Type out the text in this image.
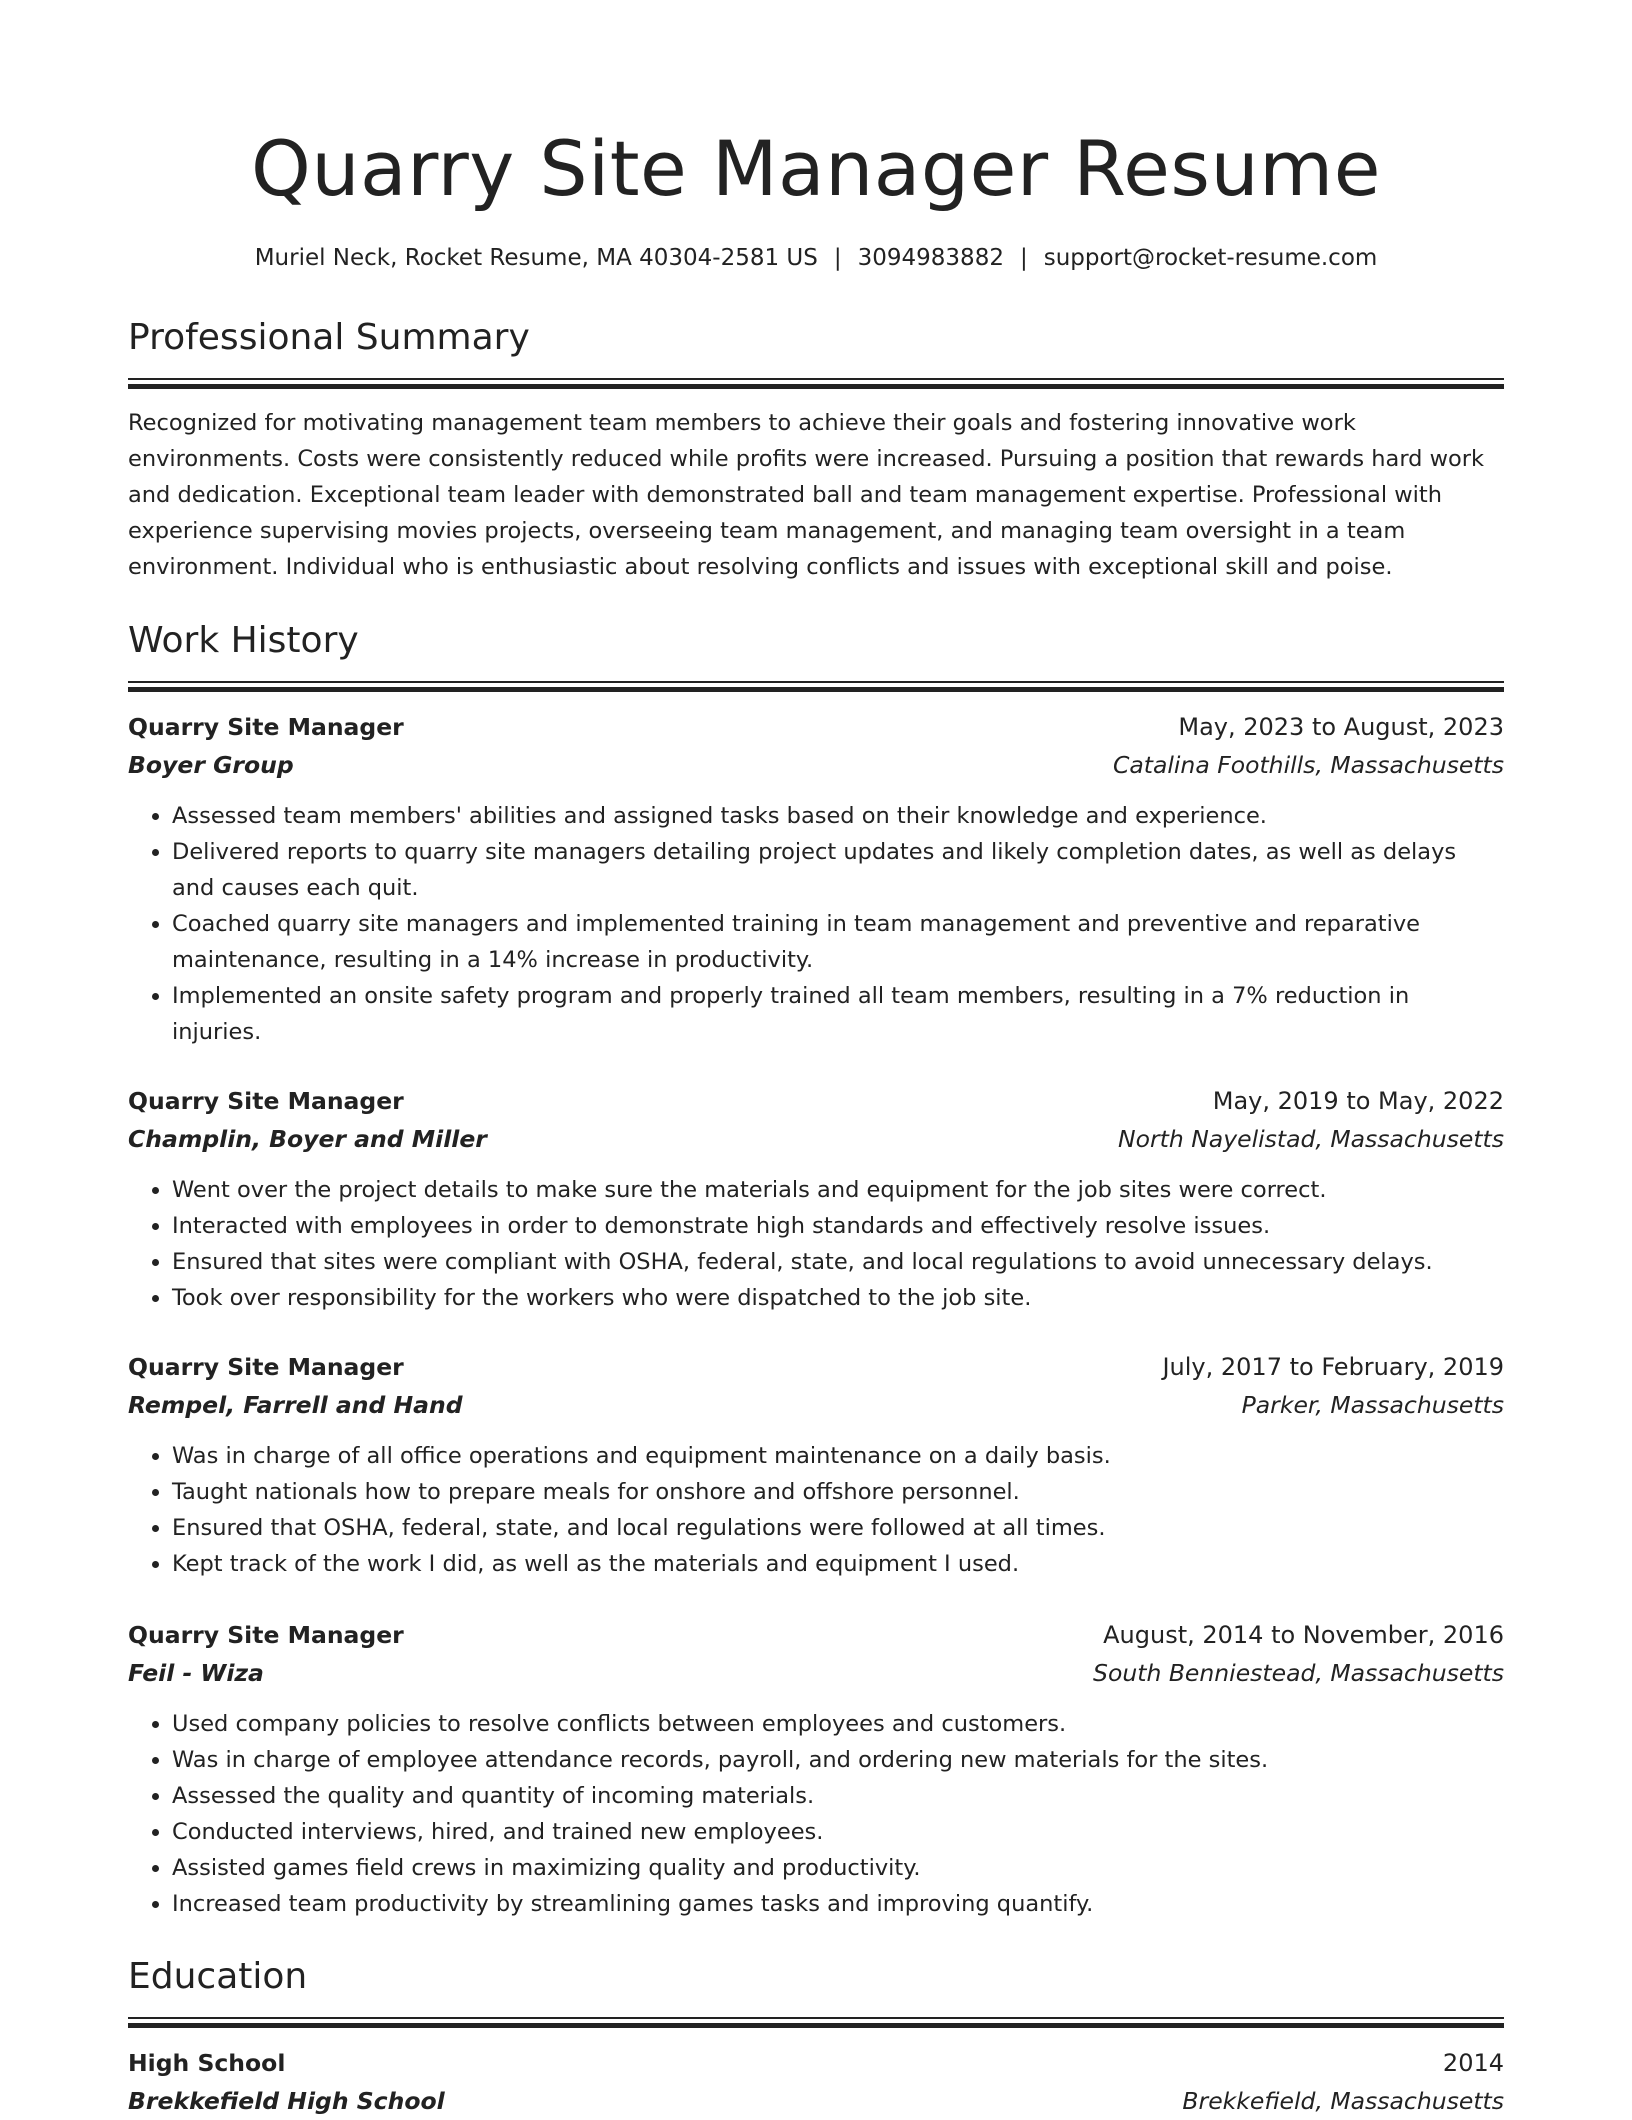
Quarry Site Manager Resume
Muriel Neck, Rocket Resume, MA 40304-2581 US | 3094983882 | support@rocket-resume.com
Professional Summary

Recognized for motivating management team members to achieve their goals and fostering innovative work environments. Costs were consistently reduced while profits were increased. Pursuing a position that rewards hard work and dedication. Exceptional team leader with demonstrated ball and team management expertise. Professional with experience supervising movies projects, overseeing team management, and managing team oversight in a team environment. Individual who is enthusiastic about resolving conflicts and issues with exceptional skill and poise.

Work History
Quarry Site Manager	May, 2023 to August, 2023
Boyer Group	Catalina Foothills, Massachusetts
• Assessed team members' abilities and assigned tasks based on their knowledge and experience.
• Delivered reports to quarry site managers detailing project updates and likely completion dates, as well as delays and causes each quit.
• Coached quarry site managers and implemented training in team management and preventive and reparative maintenance, resulting in a 14% increase in productivity.
• Implemented an onsite safety program and properly trained all team members, resulting in a 7% reduction in injuries.
Quarry Site Manager	May, 2019 to May, 2022
Champlin, Boyer and Miller	North Nayelistad, Massachusetts
• Went over the project details to make sure the materials and equipment for the job sites were correct.
• Interacted with employees in order to demonstrate high standards and effectively resolve issues.
• Ensured that sites were compliant with OSHA, federal, state, and local regulations to avoid unnecessary delays.
• Took over responsibility for the workers who were dispatched to the job site.
Quarry Site Manager	July, 2017 to February, 2019
Rempel, Farrell and Hand	Parker, Massachusetts
• Was in charge of all office operations and equipment maintenance on a daily basis.
• Taught nationals how to prepare meals for onshore and offshore personnel.
• Ensured that OSHA, federal, state, and local regulations were followed at all times.
• Kept track of the work I did, as well as the materials and equipment I used.
Quarry Site Manager	August, 2014 to November, 2016
Feil - Wiza	South Benniestead, Massachusetts
• Used company policies to resolve conflicts between employees and customers.
• Was in charge of employee attendance records, payroll, and ordering new materials for the sites.
• Assessed the quality and quantity of incoming materials.
• Conducted interviews, hired, and trained new employees.
• Assisted games field crews in maximizing quality and productivity.
• Increased team productivity by streamlining games tasks and improving quantify.
Education
High School	2014
Brekkefield High School	Brekkefield, Massachusetts
